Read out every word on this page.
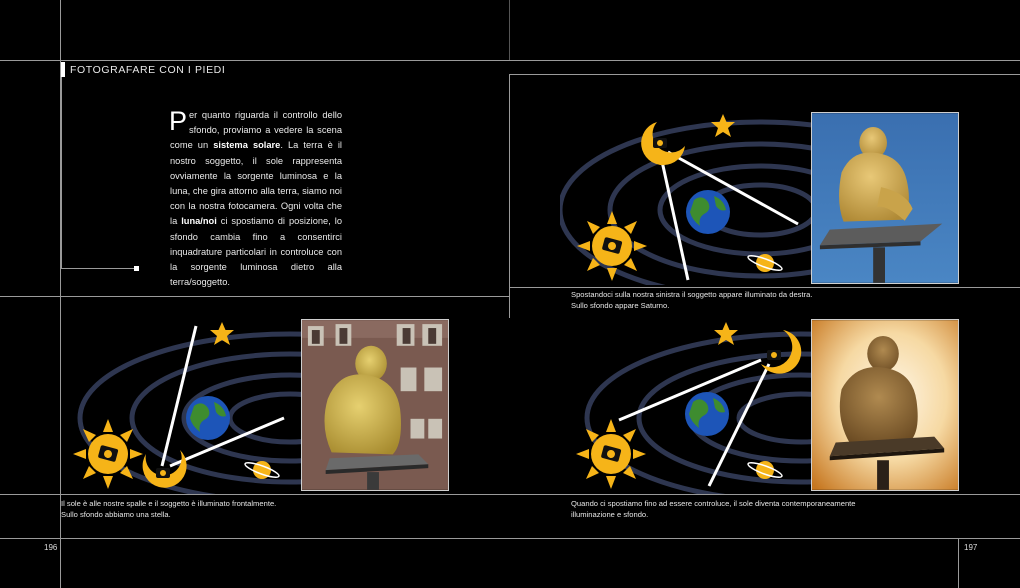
FOTOGRAFARE CON I PIEDI
Per quanto riguarda il controllo dello sfondo, proviamo a vedere la scena come un sistema solare. La terra è il nostro soggetto, il sole rappresenta ovviamente la sorgente luminosa e la luna, che gira attorno alla terra, siamo noi con la nostra fotocamera. Ogni volta che la luna/noi ci spostiamo di posizione, lo sfondo cambia fino a consentirci inquadrature particolari in controluce con la sorgente luminosa dietro alla terra/soggetto.
Spostandoci sulla nostra sinistra il soggetto appare illuminato da destra.
Sullo sfondo appare Saturno.
Il sole è alle nostre spalle e il soggetto è illuminato frontalmente.
Sullo sfondo abbiamo una stella.
Quando ci spostiamo fino ad essere controluce, il sole diventa contemporaneamente
illuminazione e sfondo.
196	197
